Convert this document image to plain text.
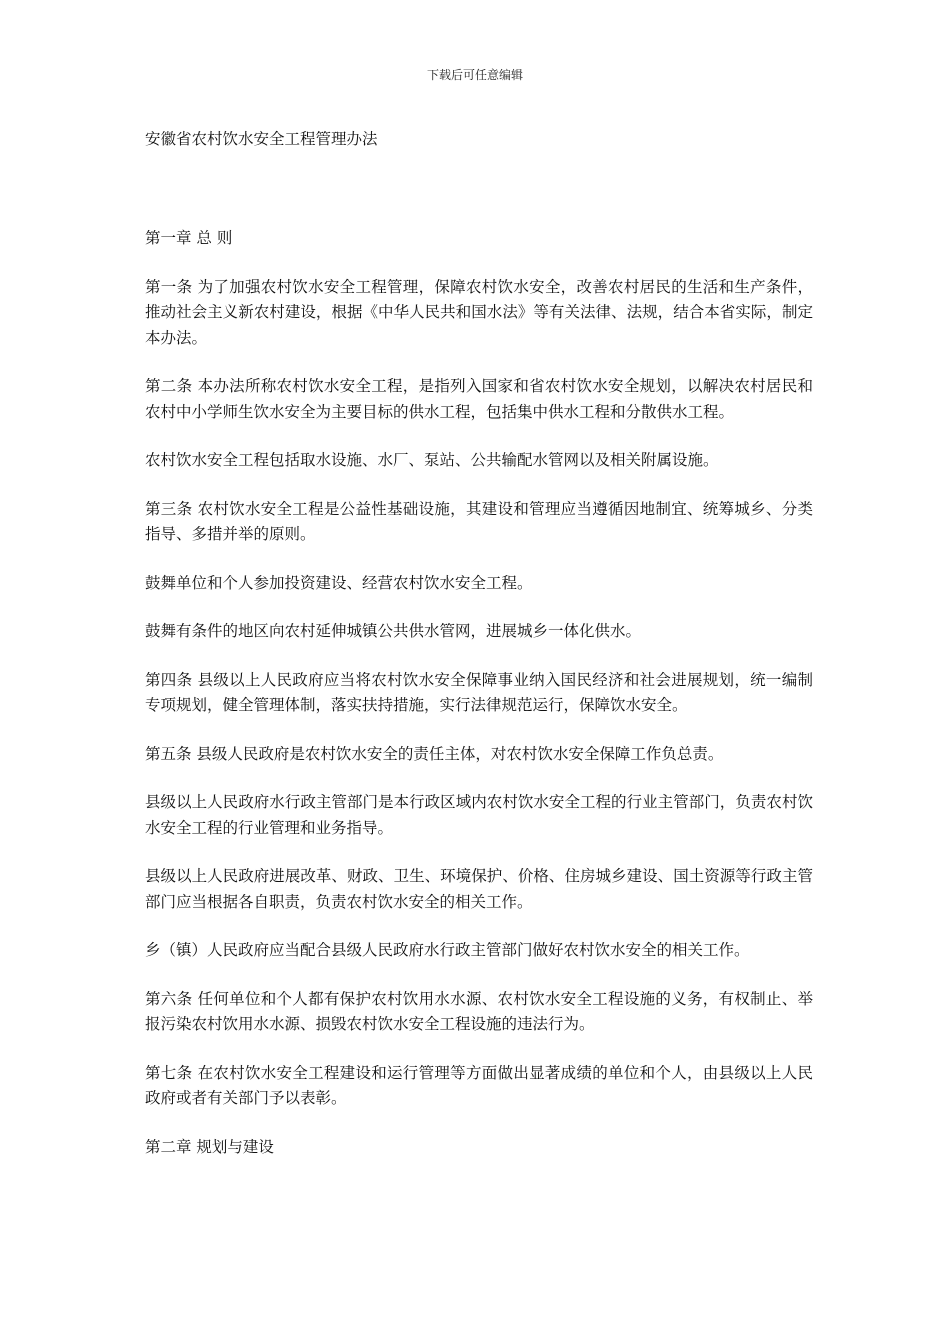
下载后可任意编辑
安徽省农村饮水安全工程管理办法

第一章 总 则

第一条 为了加强农村饮水安全工程管理，保障农村饮水安全，改善农村居民的生活和生产条件，推动社会主义新农村建设，根据《中华人民共和国水法》等有关法律、法规，结合本省实际，制定本办法。

第二条 本办法所称农村饮水安全工程，是指列入国家和省农村饮水安全规划，以解决农村居民和农村中小学师生饮水安全为主要目标的供水工程，包括集中供水工程和分散供水工程。

农村饮水安全工程包括取水设施、水厂、泵站、公共输配水管网以及相关附属设施。

第三条 农村饮水安全工程是公益性基础设施，其建设和管理应当遵循因地制宜、统筹城乡、分类指导、多措并举的原则。

鼓舞单位和个人参加投资建设、经营农村饮水安全工程。

鼓舞有条件的地区向农村延伸城镇公共供水管网，进展城乡一体化供水。

第四条 县级以上人民政府应当将农村饮水安全保障事业纳入国民经济和社会进展规划，统一编制专项规划，健全管理体制，落实扶持措施，实行法律规范运行，保障饮水安全。

第五条 县级人民政府是农村饮水安全的责任主体，对农村饮水安全保障工作负总责。

县级以上人民政府水行政主管部门是本行政区域内农村饮水安全工程的行业主管部门，负责农村饮水安全工程的行业管理和业务指导。

县级以上人民政府进展改革、财政、卫生、环境保护、价格、住房城乡建设、国土资源等行政主管部门应当根据各自职责，负责农村饮水安全的相关工作。

乡（镇）人民政府应当配合县级人民政府水行政主管部门做好农村饮水安全的相关工作。

第六条 任何单位和个人都有保护农村饮用水水源、农村饮水安全工程设施的义务，有权制止、举报污染农村饮用水水源、损毁农村饮水安全工程设施的违法行为。

第七条 在农村饮水安全工程建设和运行管理等方面做出显著成绩的单位和个人，由县级以上人民政府或者有关部门予以表彰。

第二章 规划与建设
